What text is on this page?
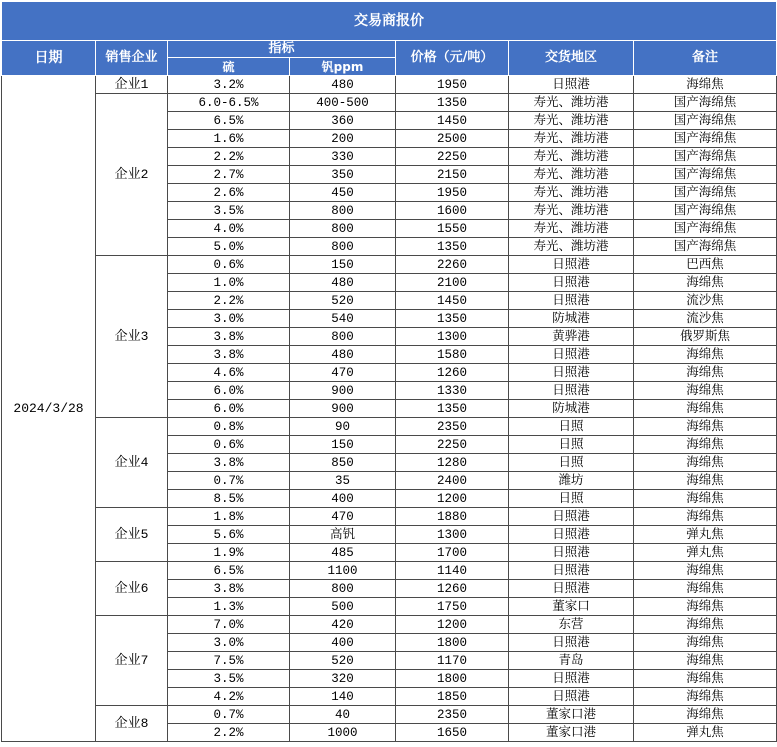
交易商报价						
日期	销售企业	指标		价格（元/吨）	交货地区	备注
		硫	钒ppm			
2024/3/28	企业1	3.2%	480	1950	日照港	海绵焦
	企业2	6.0-6.5%	400-500	1350	寿光、潍坊港	国产海绵焦
		6.5%	360	1450	寿光、潍坊港	国产海绵焦
		1.6%	200	2500	寿光、潍坊港	国产海绵焦
		2.2%	330	2250	寿光、潍坊港	国产海绵焦
		2.7%	350	2150	寿光、潍坊港	国产海绵焦
		2.6%	450	1950	寿光、潍坊港	国产海绵焦
		3.5%	800	1600	寿光、潍坊港	国产海绵焦
		4.0%	800	1550	寿光、潍坊港	国产海绵焦
		5.0%	800	1350	寿光、潍坊港	国产海绵焦
	企业3	0.6%	150	2260	日照港	巴西焦
		1.0%	480	2100	日照港	海绵焦
		2.2%	520	1450	日照港	流沙焦
		3.0%	540	1350	防城港	流沙焦
		3.8%	800	1300	黄骅港	俄罗斯焦
		3.8%	480	1580	日照港	海绵焦
		4.6%	470	1260	日照港	海绵焦
		6.0%	900	1330	日照港	海绵焦
		6.0%	900	1350	防城港	海绵焦
	企业4	0.8%	90	2350	日照	海绵焦
		0.6%	150	2250	日照	海绵焦
		3.8%	850	1280	日照	海绵焦
		0.7%	35	2400	潍坊	海绵焦
		8.5%	400	1200	日照	海绵焦
	企业5	1.8%	470	1880	日照港	海绵焦
		5.6%	高钒	1300	日照港	弹丸焦
		1.9%	485	1700	日照港	弹丸焦
	企业6	6.5%	1100	1140	日照港	海绵焦
		3.8%	800	1260	日照港	海绵焦
		1.3%	500	1750	董家口	海绵焦
	企业7	7.0%	420	1200	东营	海绵焦
		3.0%	400	1800	日照港	海绵焦
		7.5%	520	1170	青岛	海绵焦
		3.5%	320	1800	日照港	海绵焦
		4.2%	140	1850	日照港	海绵焦
	企业8	0.7%	40	2350	董家口港	海绵焦
		2.2%	1000	1650	董家口港	弹丸焦
